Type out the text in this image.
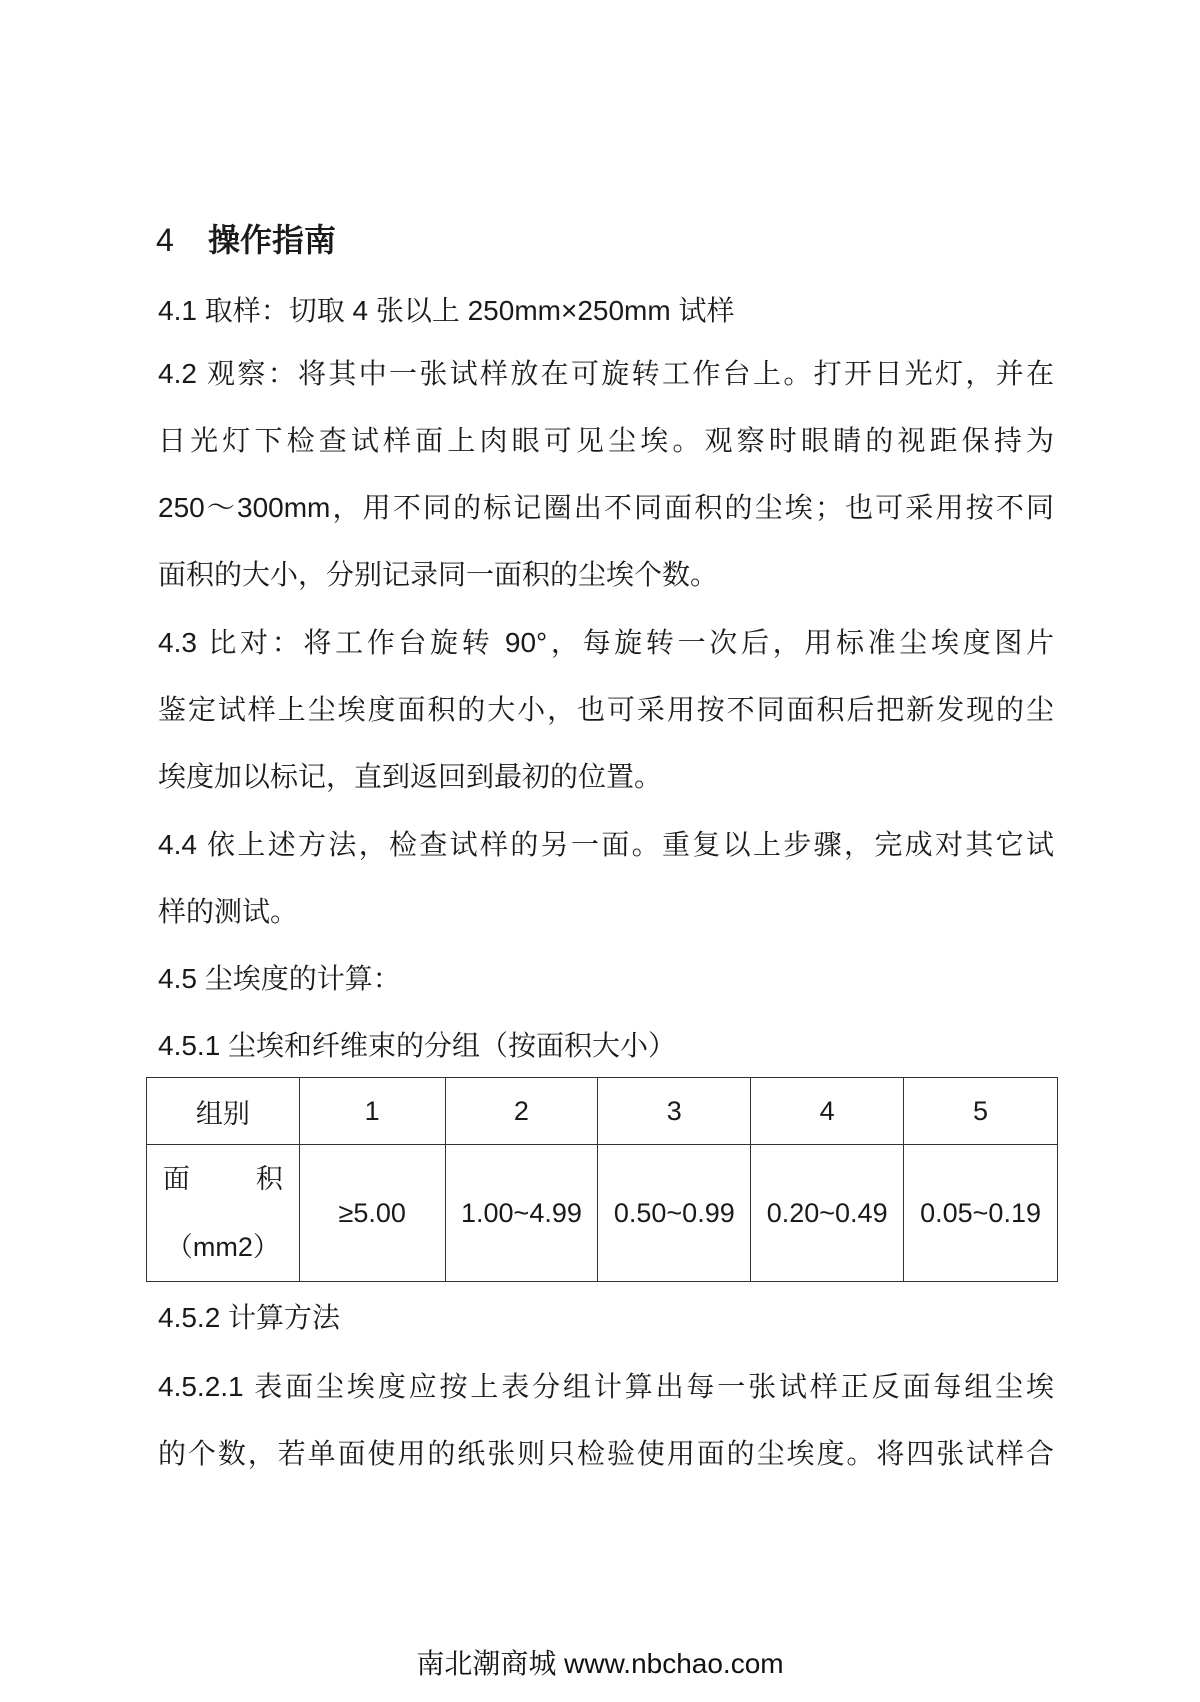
4 操作指南
4.1 取样：切取 4 张以上 250mm×250mm 试样
4.2 观察：将其中一张试样放在可旋转工作台上。打开日光灯，并在
日光灯下检查试样面上肉眼可见尘埃。观察时眼睛的视距保持为
250～300mm，用不同的标记圈出不同面积的尘埃；也可采用按不同
面积的大小，分别记录同一面积的尘埃个数。
4.3 比对：将工作台旋转 90°，每旋转一次后，用标准尘埃度图片
鉴定试样上尘埃度面积的大小，也可采用按不同面积后把新发现的尘
埃度加以标记，直到返回到最初的位置。
4.4 依上述方法，检查试样的另一面。重复以上步骤，完成对其它试
样的测试。
4.5 尘埃度的计算：
4.5.1 尘埃和纤维束的分组（按面积大小）
组别	1	2	3	4	5

面 积
（mm2）	≥5.00	1.00~4.99	0.50~0.99	0.20~0.49	0.05~0.19
4.5.2 计算方法
4.5.2.1 表面尘埃度应按上表分组计算出每一张试样正反面每组尘埃
的个数，若单面使用的纸张则只检验使用面的尘埃度。将四张试样合
南北潮商城 www.nbchao.com
